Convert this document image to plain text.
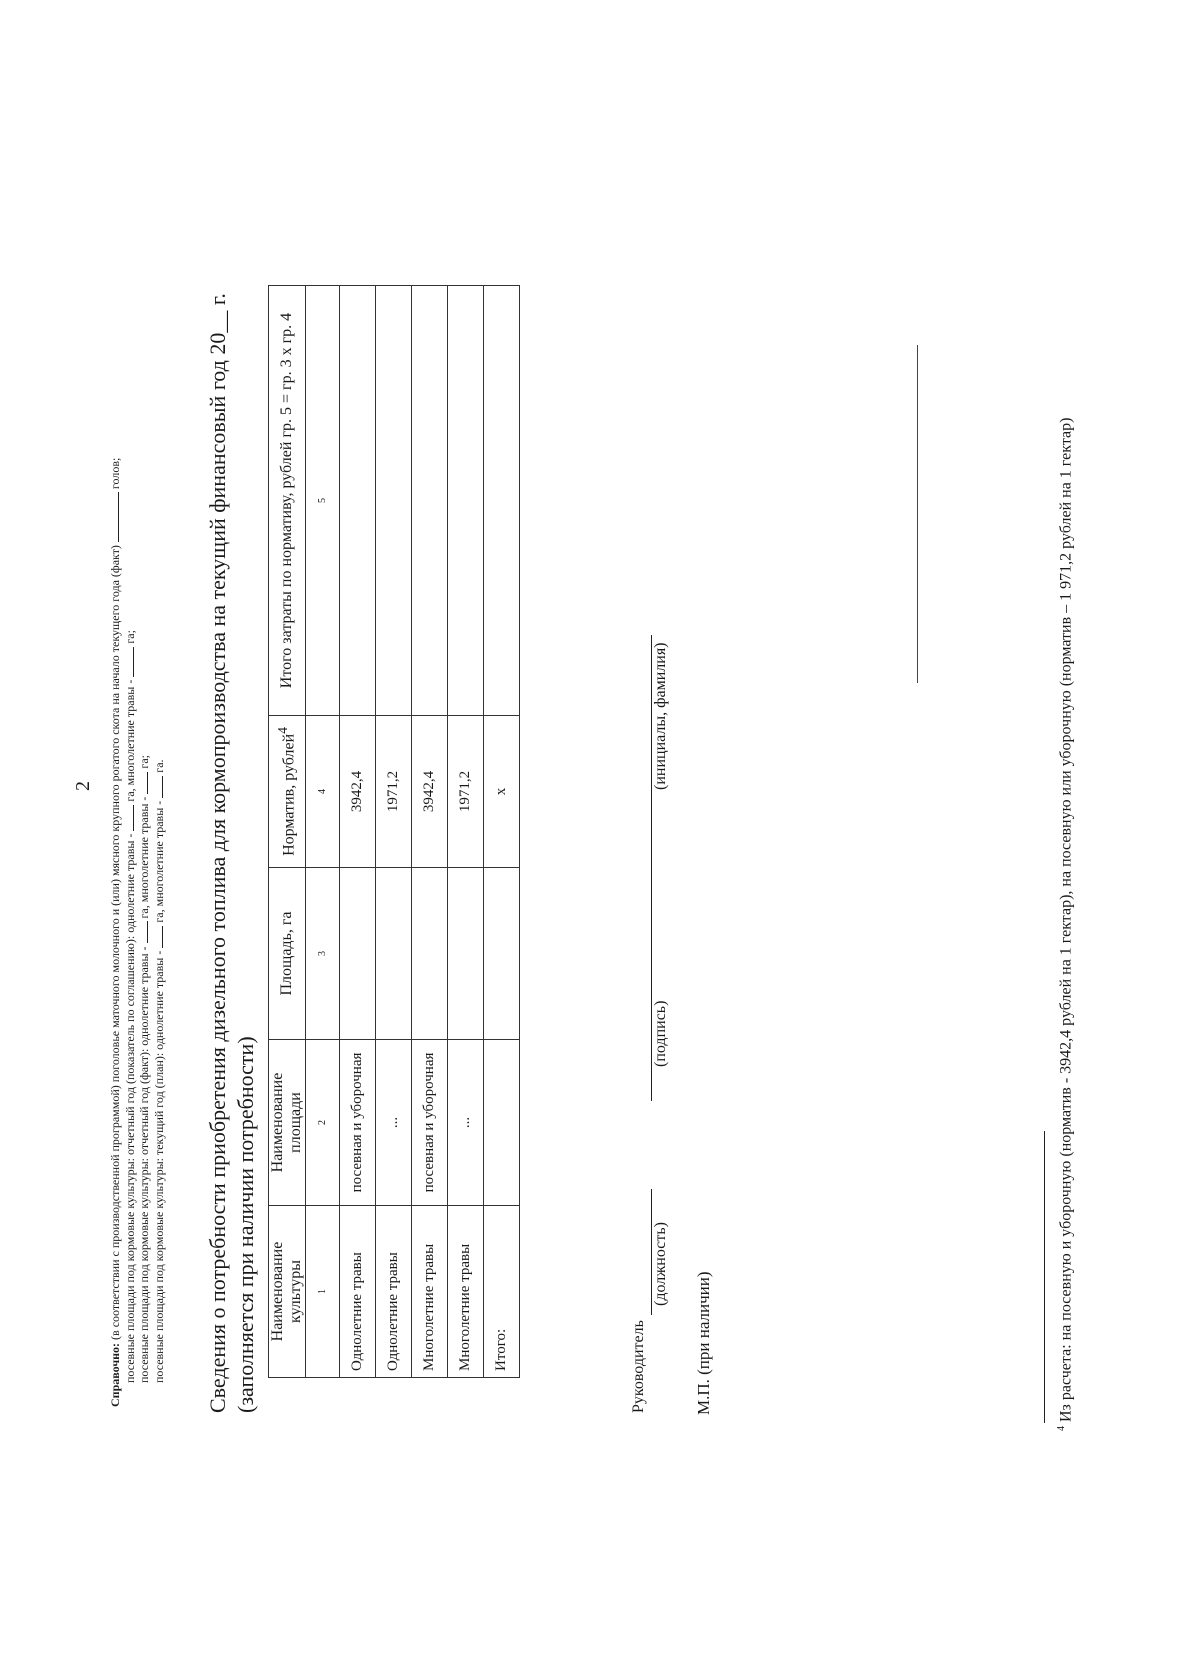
2
Справочно: (в соответствии с производственной программой) поголовье маточного молочного и (или) мясного крупного рогатого скота на начало текущего года (факт)  голов;
посевные площади под кормовые культуры: отчетный год (показатель по соглашению): однолетние травы -  га, многолетние травы -  га;
посевные площади под кормовые культуры: отчетный год (факт): однолетние травы -  га, многолетние травы -  га;
посевные площади под кормовые культуры: текущий год (план): однолетние травы -  га, многолетние травы -  га. Сведения о потребности приобретения дизельного топлива для кормопроизводства на текущий финансовый год 20__ г. (заполняется при наличии потребности) Наименование культуры	Наименование площади	Площадь, га	Норматив, рублей$^4$	Итого затраты по нормативу, рублей гр. 5 = гр. 3 х гр. 4
1	2	3	4	5
Однолетние травы	посевная и уборочная		3942,4	
Однолетние травы	...		1971,2	
Многолетние травы	посевная и уборочная		3942,4	
Многолетние травы	...		1971,2	
Итого:			x	
Руководитель
(должность)
(подпись)
(инициалы, фамилия)
М.П. (при наличии)
$^4$ Из расчета: на посевную и уборочную (норматив - 3942,4 рублей на 1 гектар), на посевную или уборочную (норматив – 1 971,2 рублей на 1 гектар)
